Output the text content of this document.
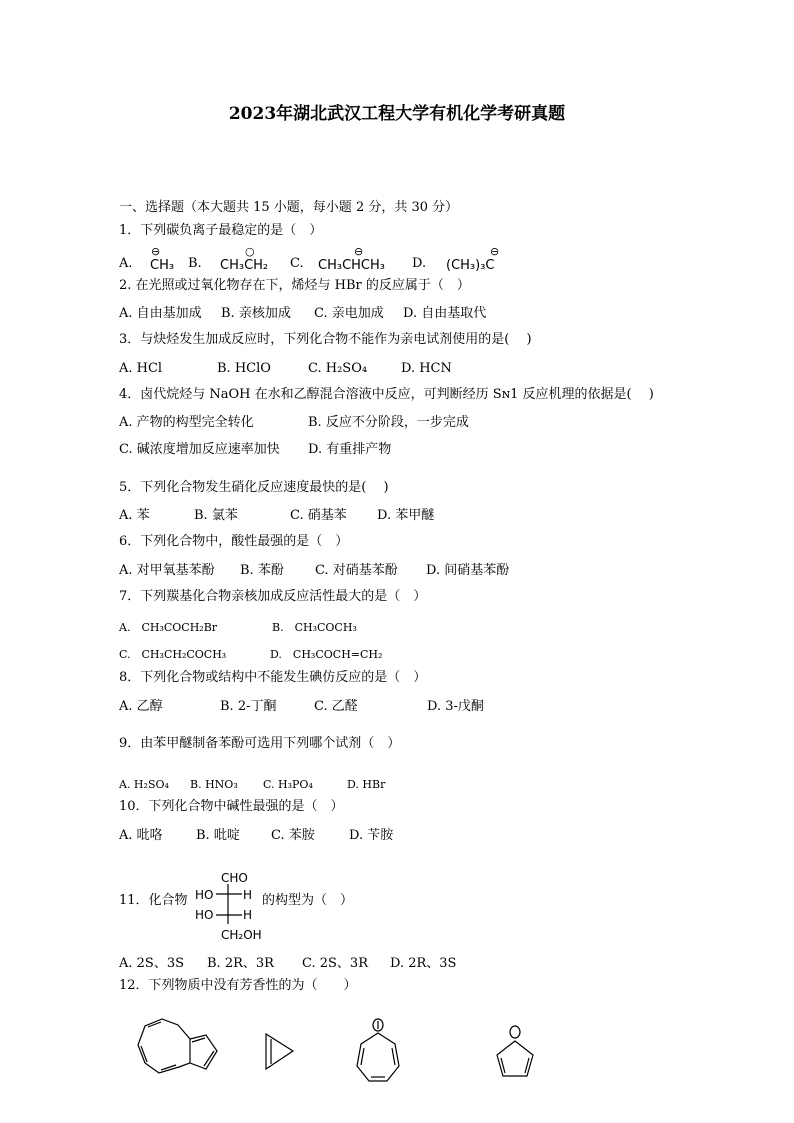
2023年湖北武汉工程大学有机化学考研真题
一、选择题（本大题共 15 小题，每小题 2 分，共 30 分）
1．下列碳负离子最稳定的是（　）
A.
⊖
CH₃ B.
○
CH₃CH₂ C.
⊖
CH₃CHCH₃ D.
⊖
(CH₃)₃C
2. 在光照或过氧化物存在下，烯烃与 HBr 的反应属于（　）
A. 自由基加成 B. 亲核加成 C. 亲电加成 D. 自由基取代
3．与炔烃发生加成反应时，下列化合物不能作为亲电试剂使用的是(　 )
A. HCl	B. HClO	C. H₂SO₄	D. HCN
4．卤代烷烃与 NaOH 在水和乙醇混合溶液中反应，可判断经历 Sɴ1 反应机理的依据是(　 )
A. 产物的构型完全转化	B. 反应不分阶段，一步完成
C. 碱浓度增加反应速率加快 D. 有重排产物
5．下列化合物发生硝化反应速度最快的是(　 )
A. 苯	B. 氯苯	C. 硝基苯 D. 苯甲醚
6．下列化合物中，酸性最强的是（　）
A. 对甲氧基苯酚 B. 苯酚 C. 对硝基苯酚 D. 间硝基苯酚
7．下列羰基化合物亲核加成反应活性最大的是（　）
A.　CH₃COCH₂Br	B.　CH₃COCH₃
C.　CH₃CH₂COCH₃	D.　CH₃COCH=CH₂
8．下列化合物或结构中不能发生碘仿反应的是（　）
A. 乙醇	B. 2-丁酮	C. 乙醛	D. 3-戊酮
9．由苯甲醚制备苯酚可选用下列哪个试剂（　）
A. H₂SO₄ B. HNO₃ C. H₃PO₄	D. HBr
10．下列化合物中碱性最强的是（　）
A. 吡咯	B. 吡啶 C. 苯胺	D. 苄胺
11．化合物
CHO
HO H
HO H
CH₂OH
的构型为（　）
A. 2S、3S B. 2R、3R C. 2S、3R D. 2R、3S
12．下列物质中没有芳香性的为（　　）
